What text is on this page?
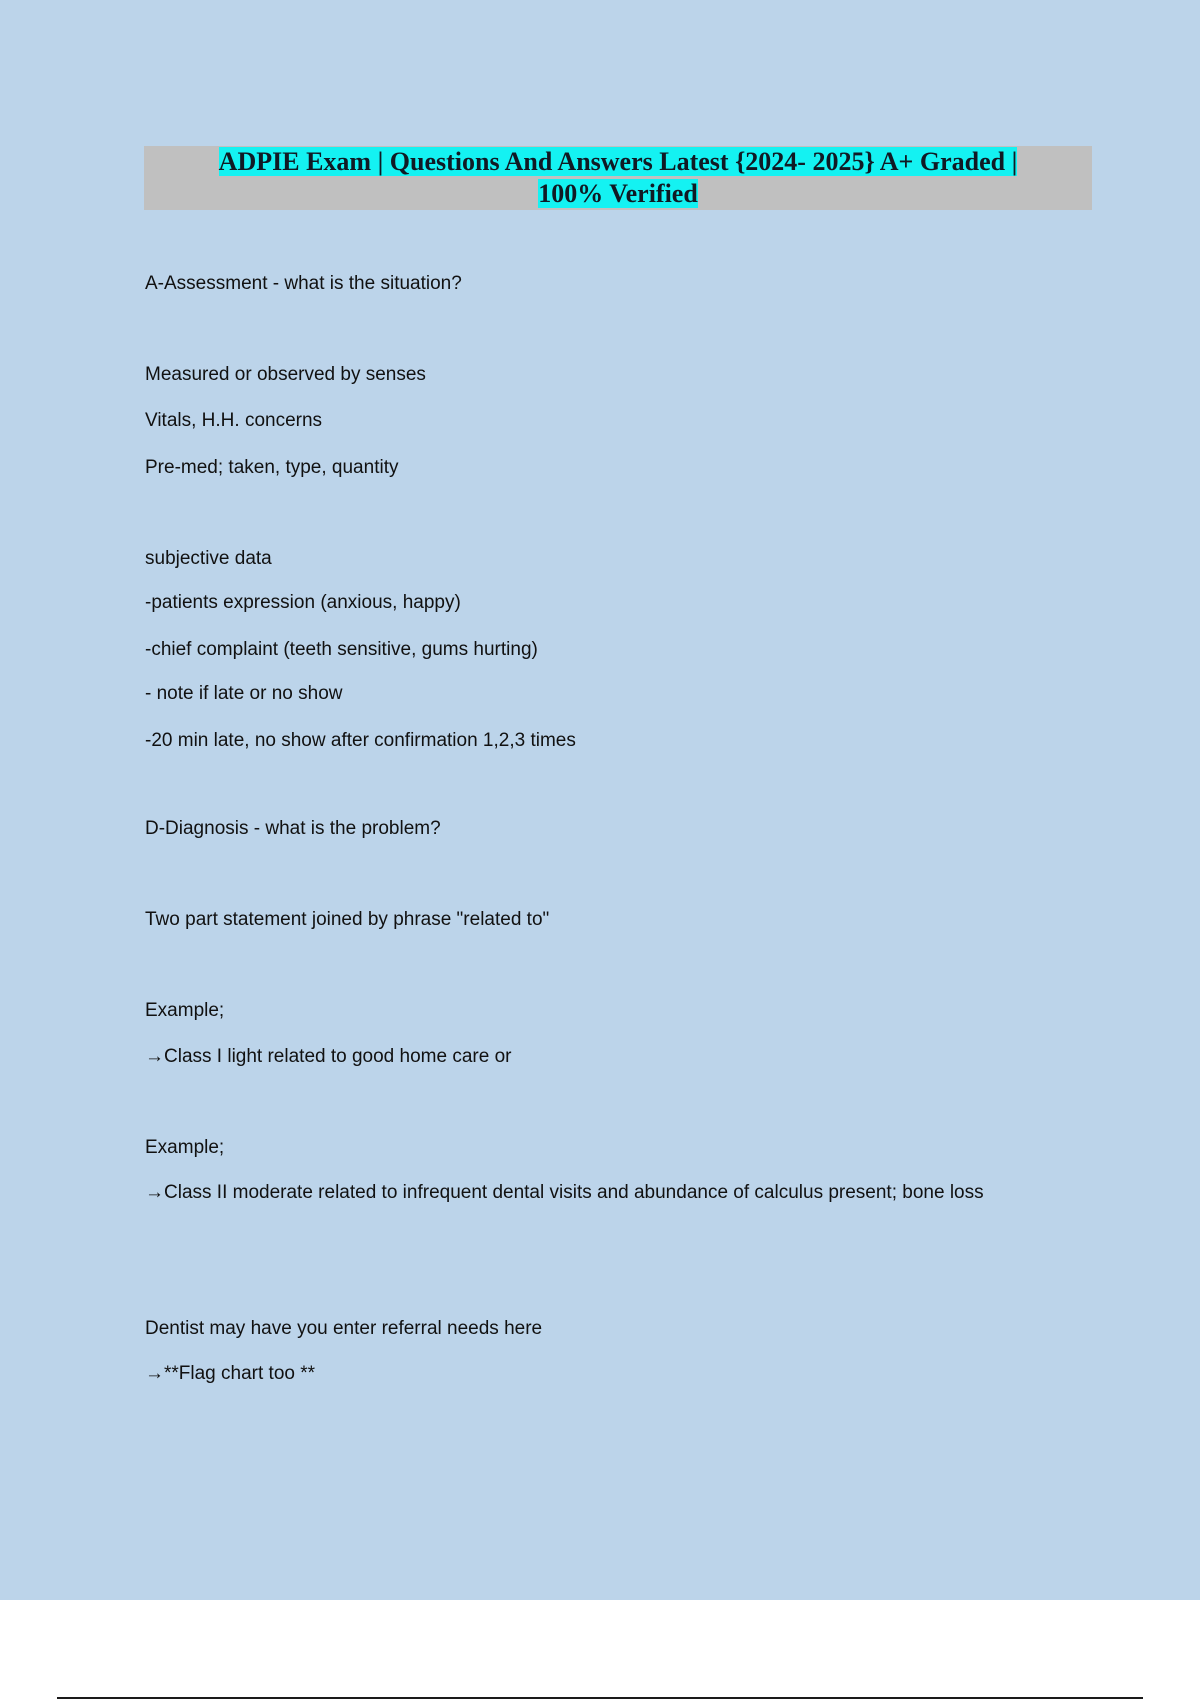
ADPIE Exam | Questions And Answers Latest {2024- 2025} A+ Graded |
100% Verified
A-Assessment - what is the situation?
Measured or observed by senses
Vitals, H.H. concerns
Pre-med; taken, type, quantity
subjective data
-patients expression (anxious, happy)
-chief complaint (teeth sensitive, gums hurting)
- note if late or no show
-20 min late, no show after confirmation 1,2,3 times
D-Diagnosis - what is the problem?
Two part statement joined by phrase "related to"
Example;
→Class I light related to good home care or
Example;
→Class II moderate related to infrequent dental visits and abundance of calculus present; bone loss
Dentist may have you enter referral needs here
→**Flag chart too **
